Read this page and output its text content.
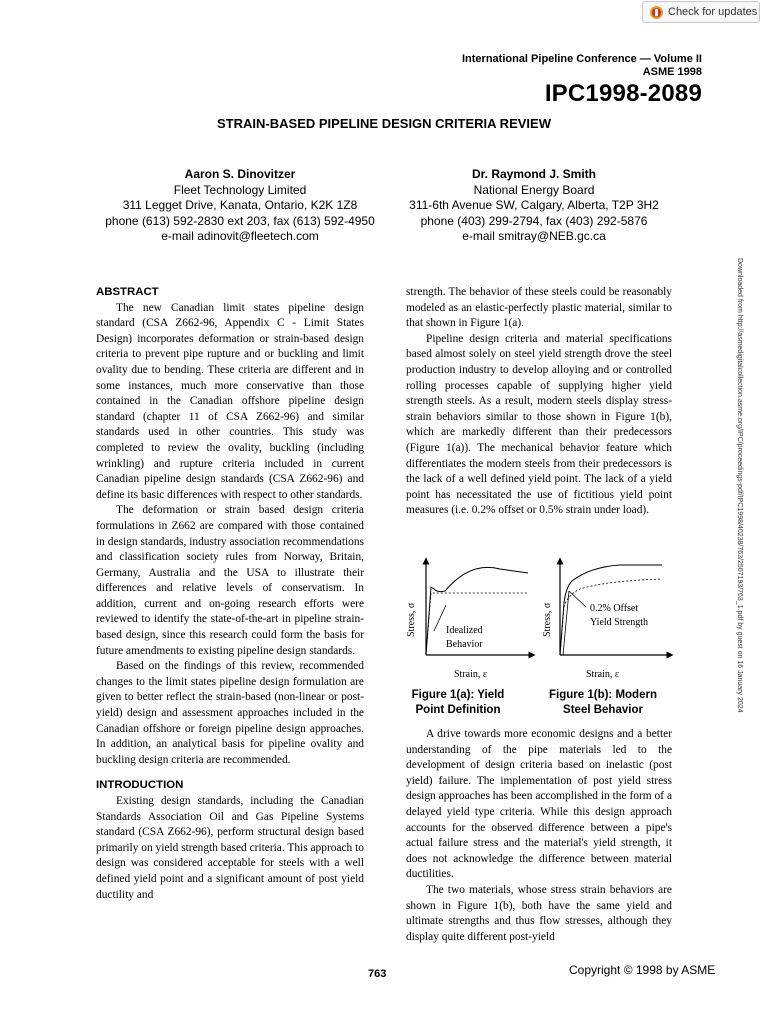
Check for updates
International Pipeline Conference — Volume II
ASME 1998
IPC1998-2089
STRAIN-BASED PIPELINE DESIGN CRITERIA REVIEW
Aaron S. Dinovitzer
Fleet Technology Limited
311 Legget Drive, Kanata, Ontario, K2K 1Z8
phone (613) 592-2830 ext 203, fax (613) 592-4950
e-mail adinovit@fleetech.com
Dr. Raymond J. Smith
National Energy Board
311-6th Avenue SW, Calgary, Alberta, T2P 3H2
phone (403) 299-2794, fax (403) 292-5876
e-mail smitray@NEB.gc.ca
ABSTRACT

The new Canadian limit states pipeline design standard (CSA Z662-96, Appendix C - Limit States Design) incorporates deformation or strain-based design criteria to prevent pipe rupture and or buckling and limit ovality due to bending. These criteria are different and in some instances, much more conservative than those contained in the Canadian offshore pipeline design standard (chapter 11 of CSA Z662-96) and similar standards used in other countries. This study was completed to review the ovality, buckling (including wrinkling) and rupture criteria included in current Canadian pipeline design standards (CSA Z662-96) and define its basic differences with respect to other standards.

The deformation or strain based design criteria formulations in Z662 are compared with those contained in design standards, industry association recommendations and classification society rules from Norway, Britain, Germany, Australia and the USA to illustrate their differences and relative levels of conservatism. In addition, current and on-going research efforts were reviewed to identify the state-of-the-art in pipeline strain-based design, since this research could form the basis for future amendments to existing pipeline design standards.

Based on the findings of this review, recommended changes to the limit states pipeline design formulation are given to better reflect the strain-based (non-linear or post-yield) design and assessment approaches included in the Canadian offshore or foreign pipeline design approaches. In addition, an analytical basis for pipeline ovality and buckling design criteria are recommended.

INTRODUCTION

Existing design standards, including the Canadian Standards Association Oil and Gas Pipeline Systems standard (CSA Z662-96), perform structural design based primarily on yield strength based criteria. This approach to design was considered acceptable for steels with a well defined yield point and a significant amount of post yield ductility and

strength. The behavior of these steels could be reasonably modeled as an elastic-perfectly plastic material, similar to that shown in Figure 1(a).

Pipeline design criteria and material specifications based almost solely on steel yield strength drove the steel production industry to develop alloying and or controlled rolling processes capable of supplying higher yield strength steels. As a result, modern steels display stress-strain behaviors similar to those shown in Figure 1(b), which are markedly different than their predecessors (Figure 1(a)). The mechanical behavior feature which differentiates the modern steels from their predecessors is the lack of a well defined yield point. The lack of a yield point has necessitated the use of fictitious yield point measures (i.e. 0.2% offset or 0.5% strain under load).

Stress, σ	Idealized
Behavior
Strain, ε
Stress, σ	0.2% Offset
Yield Strength
Strain, ε
Figure 1(a): Yield
Point Definition
Figure 1(b): Modern
Steel Behavior

A drive towards more economic designs and a better understanding of the pipe materials led to the development of design criteria based on inelastic (post yield) failure. The implementation of post yield stress design approaches has been accomplished in the form of a delayed yield type criteria. While this design approach accounts for the observed difference between a pipe's actual failure stress and the material's yield strength, it does not acknowledge the difference between material ductilities.

The two materials, whose stress strain behaviors are shown in Figure 1(b), both have the same yield and ultimate strengths and thus flow stresses, although they display quite different post-yield

Downloaded from http://asmedigitalcollection.asme.org/IPC/proceedings-pdf/IPC1998/40238/763/2507193/763_1.pdf by guest on 16 January 2024
763	Copyright © 1998 by ASME
